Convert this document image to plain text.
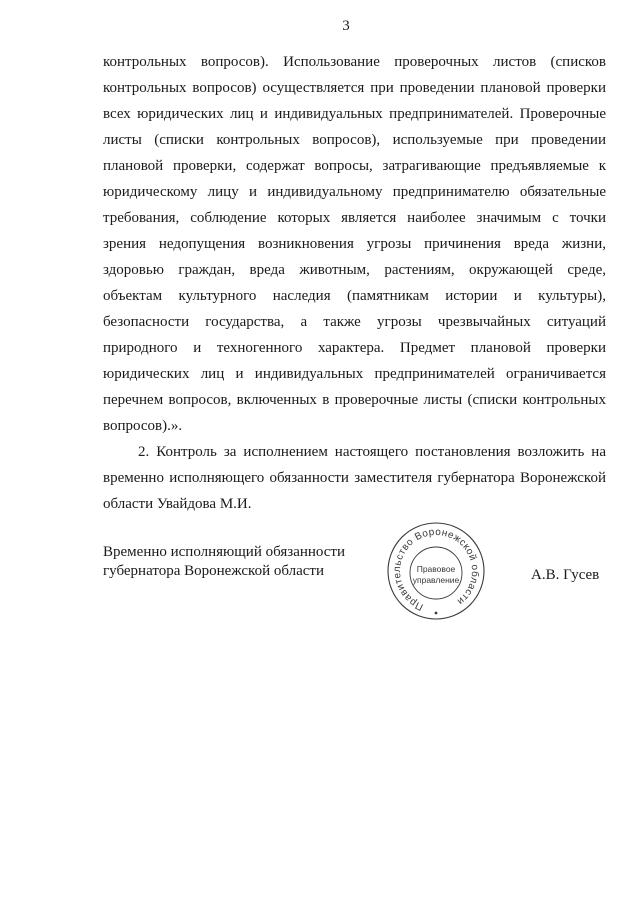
3
контрольных вопросов). Использование проверочных листов (списков
контрольных вопросов) осуществляется при проведении плановой проверки
всех юридических лиц и индивидуальных предпринимателей. Проверочные
листы (списки контрольных вопросов), используемые при проведении
плановой проверки, содержат вопросы, затрагивающие предъявляемые к
юридическому лицу и индивидуальному предпринимателю обязательные
требования, соблюдение которых является наиболее значимым с точки
зрения недопущения возникновения угрозы причинения вреда жизни,
здоровью граждан, вреда животным, растениям, окружающей среде,
объектам культурного наследия (памятникам истории и культуры),
безопасности государства, а также угрозы чрезвычайных ситуаций
природного и техногенного характера. Предмет плановой проверки
юридических лиц и индивидуальных предпринимателей ограничивается
перечнем вопросов, включенных в проверочные листы (списки контрольных
вопросов).».
2. Контроль за исполнением настоящего постановления возложить на
временно исполняющего обязанности заместителя губернатора Воронежской
области Увайдова М.И.
Временно исполняющий обязанности
губернатора Воронежской области
Правительство Воронежской области
Правовое
управление	А.В. Гусев
